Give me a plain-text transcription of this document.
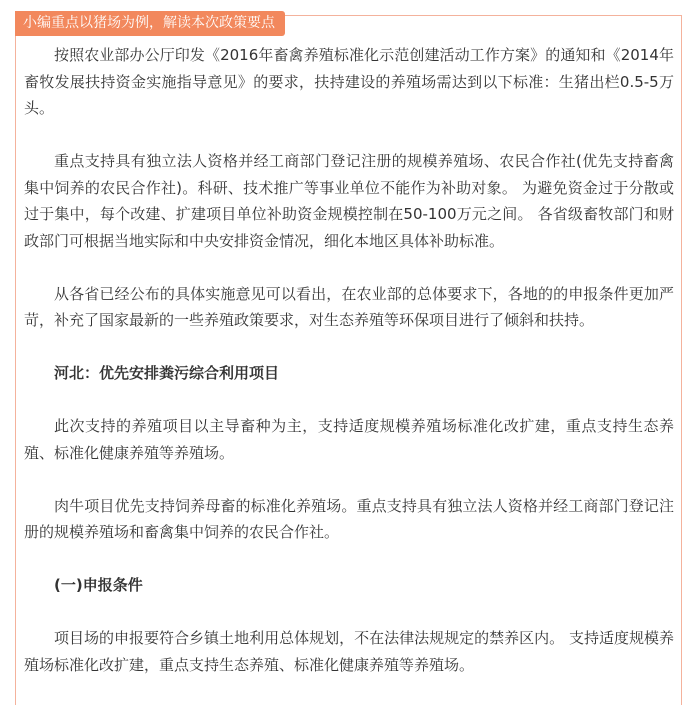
小编重点以猪场为例，解读本次政策要点

按照农业部办公厅印发《2016年畜禽养殖标准化示范创建活动工作方案》的通知和《2014年畜牧发展扶持资金实施指导意见》的要求，扶持建设的养殖场需达到以下标准：生猪出栏0.5-5万头。

重点支持具有独立法人资格并经工商部门登记注册的规模养殖场、农民合作社(优先支持畜禽集中饲养的农民合作社)。科研、技术推广等事业单位不能作为补助对象。 为避免资金过于分散或过于集中，每个改建、扩建项目单位补助资金规模控制在50-100万元之间。 各省级畜牧部门和财政部门可根据当地实际和中央安排资金情况，细化本地区具体补助标准。

从各省已经公布的具体实施意见可以看出，在农业部的总体要求下，各地的的申报条件更加严苛，补充了国家最新的一些养殖政策要求，对生态养殖等环保项目进行了倾斜和扶持。

河北：优先安排粪污综合利用项目

此次支持的养殖项目以主导畜种为主，支持适度规模养殖场标准化改扩建，重点支持生态养殖、标准化健康养殖等养殖场。

肉牛项目优先支持饲养母畜的标准化养殖场。重点支持具有独立法人资格并经工商部门登记注册的规模养殖场和畜禽集中饲养的农民合作社。

(一)申报条件

项目场的申报要符合乡镇土地利用总体规划，不在法律法规规定的禁养区内。 支持适度规模养殖场标准化改扩建，重点支持生态养殖、标准化健康养殖等养殖场。
